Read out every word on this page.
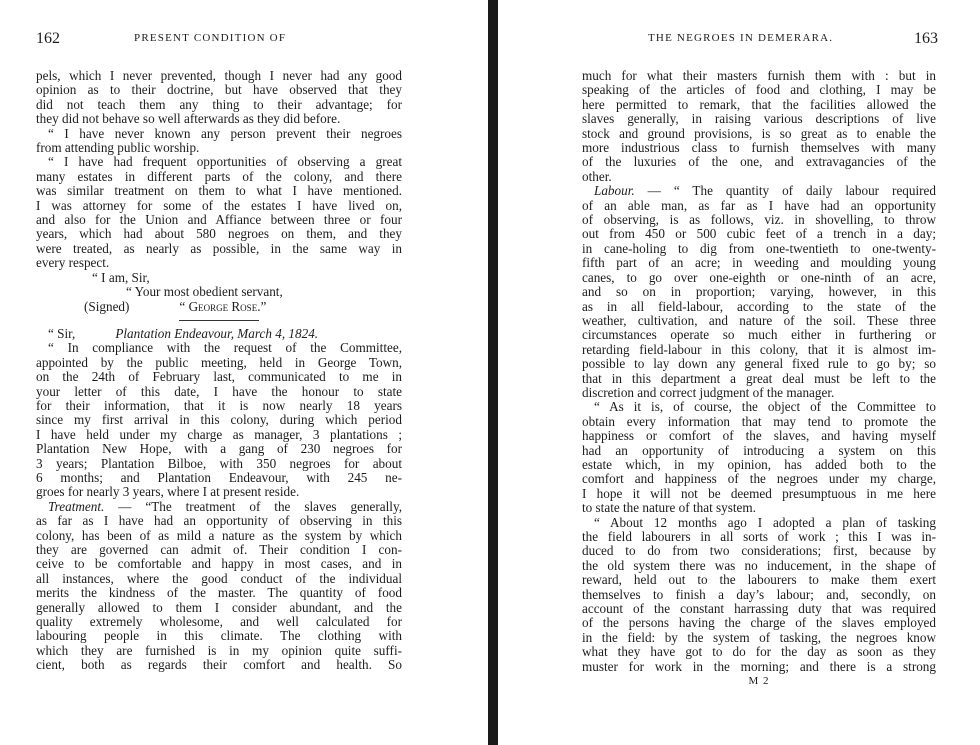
162	PRESENT CONDITION OF
pels, which I never prevented, though I never had any good
opinion as to their doctrine, but have observed that they
did not teach them any thing to their advantage; for
they did not behave so well afterwards as they did before.
“ I have never known any person prevent their negroes
from attending public worship.
“ I have had frequent opportunities of observing a great
many estates in different parts of the colony, and there
was similar treatment on them to what I have mentioned.
I was attorney for some of the estates I have lived on,
and also for the Union and Affiance between three or four
years, which had about 580 negroes on them, and they
were treated, as nearly as possible, in the same way in
every respect.
“ I am, Sir,
“ Your most obedient servant,
(Signed)	“ George Rose.”
“ Sir,	Plantation Endeavour, March 4, 1824.
“ In compliance with the request of the Committee,
appointed by the public meeting, held in George Town,
on the 24th of February last, communicated to me in
your letter of this date, I have the honour to state
for their information, that it is now nearly 18 years
since my first arrival in this colony, during which period
I have held under my charge as manager, 3 plantations ;
Plantation New Hope, with a gang of 230 negroes for
3 years; Plantation Bilboe, with 350 negroes for about
6 months; and Plantation Endeavour, with 245 ne-
groes for nearly 3 years, where I at present reside.
Treatment. — “The treatment of the slaves generally,
as far as I have had an opportunity of observing in this
colony, has been of as mild a nature as the system by which
they are governed can admit of. Their condition I con-
ceive to be comfortable and happy in most cases, and in
all instances, where the good conduct of the individual
merits the kindness of the master. The quantity of food
generally allowed to them I consider abundant, and the
quality extremely wholesome, and well calculated for
labouring people in this climate. The clothing with
which they are furnished is in my opinion quite suffi-
cient, both as regards their comfort and health. So
THE NEGROES IN DEMERARA.	163
much for what their masters furnish them with : but in
speaking of the articles of food and clothing, I may be
here permitted to remark, that the facilities allowed the
slaves generally, in raising various descriptions of live
stock and ground provisions, is so great as to enable the
more industrious class to furnish themselves with many
of the luxuries of the one, and extravagancies of the
other.
Labour. — “ The quantity of daily labour required
of an able man, as far as I have had an opportunity
of observing, is as follows, viz. in shovelling, to throw
out from 450 or 500 cubic feet of a trench in a day;
in cane-holing to dig from one-twentieth to one-twenty-
fifth part of an acre; in weeding and moulding young
canes, to go over one-eighth or one-ninth of an acre,
and so on in proportion; varying, however, in this
as in all field-labour, according to the state of the
weather, cultivation, and nature of the soil. These three
circumstances operate so much either in furthering or
retarding field-labour in this colony, that it is almost im-
possible to lay down any general fixed rule to go by; so
that in this department a great deal must be left to the
discretion and correct judgment of the manager.
“ As it is, of course, the object of the Committee to
obtain every information that may tend to promote the
happiness or comfort of the slaves, and having myself
had an opportunity of introducing a system on this
estate which, in my opinion, has added both to the
comfort and happiness of the negroes under my charge,
I hope it will not be deemed presumptuous in me here
to state the nature of that system.
“ About 12 months ago I adopted a plan of tasking
the field labourers in all sorts of work ; this I was in-
duced to do from two considerations; first, because by
the old system there was no inducement, in the shape of
reward, held out to the labourers to make them exert
themselves to finish a day’s labour; and, secondly, on
account of the constant harrassing duty that was required
of the persons having the charge of the slaves employed
in the field: by the system of tasking, the negroes know
what they have got to do for the day as soon as they
muster for work in the morning; and there is a strong
M 2
